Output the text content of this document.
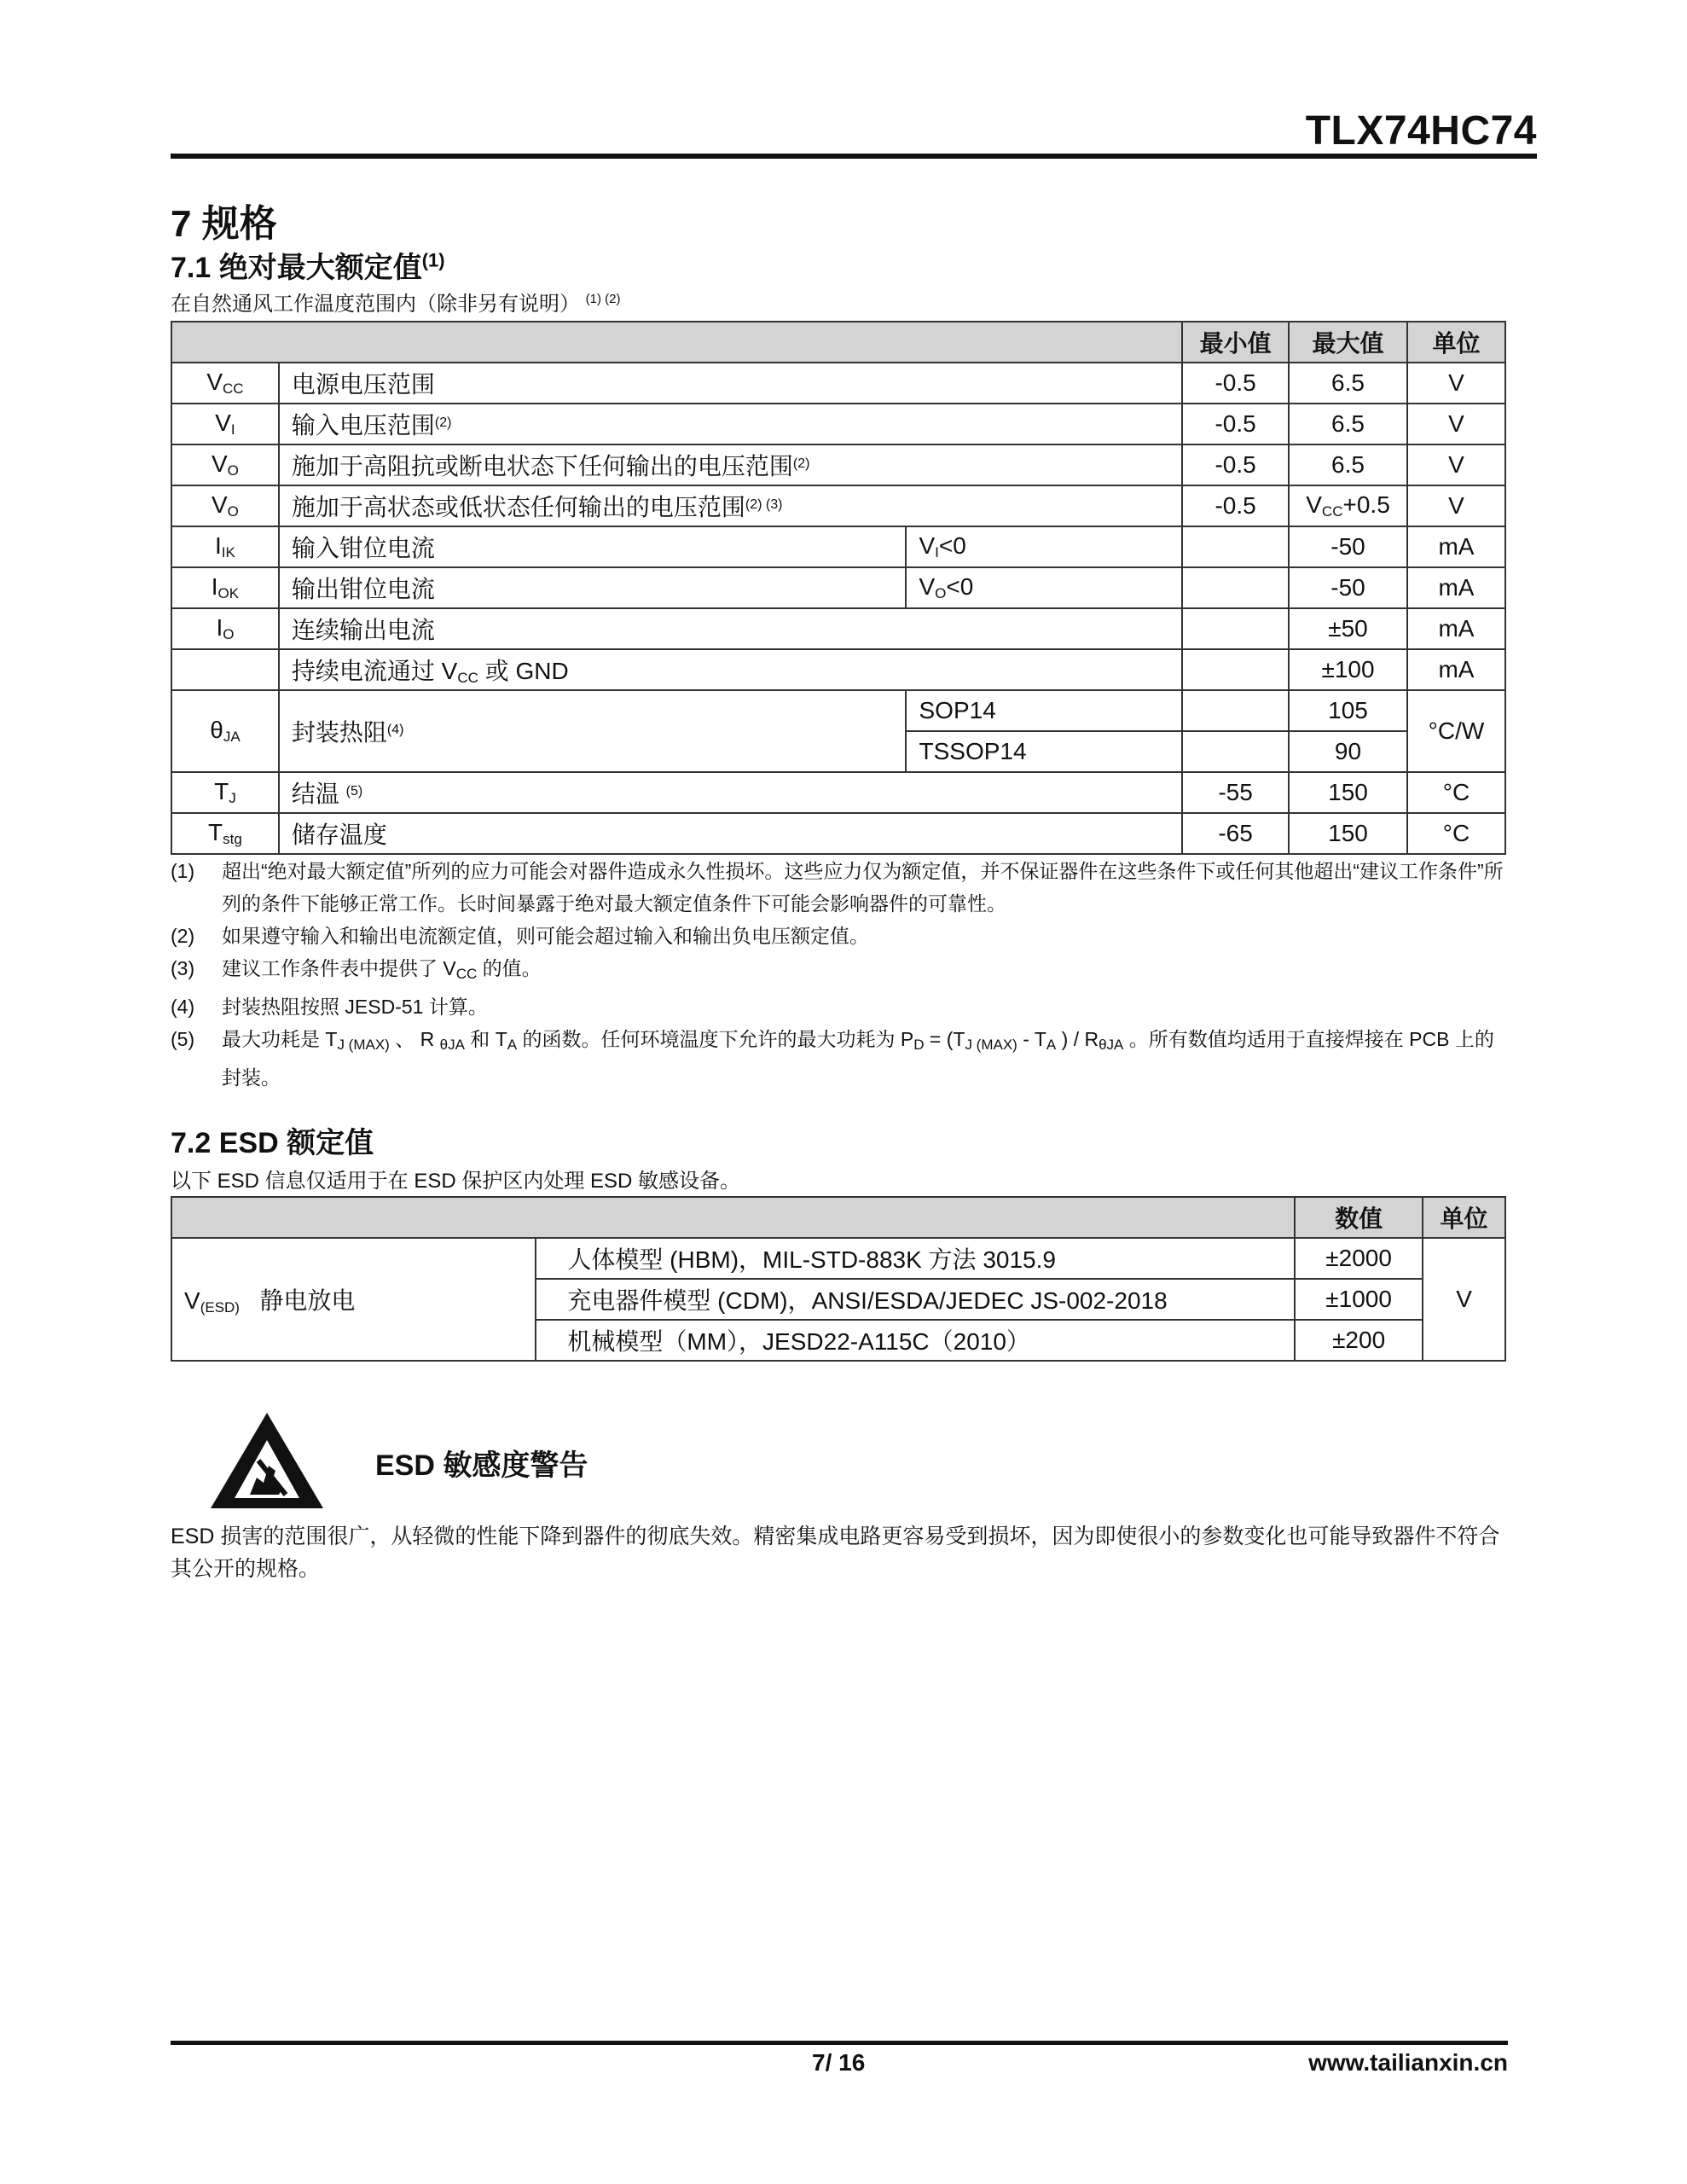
TLX74HC74
7 规格
7.1 绝对最大额定值$^{(1)}$
在自然通风工作温度范围内（除非另有说明） $^{(1) (2)}$
			最小值	最大值	单位
$V_{CC}$	电源电压范围		-0.5	6.5	V
$V_I$	输入电压范围$^{(2)}$		-0.5	6.5	V
$V_O$	施加于高阻抗或断电状态下任何输出的电压范围$^{(2)}$		-0.5	6.5	V
$V_O$	施加于高状态或低状态任何输出的电压范围$^{(2) (3)}$		-0.5	$V_{CC}+0.5$	V
$I_{IK}$	输入钳位电流	$V_I<0$		-50	mA
$I_{OK}$	输出钳位电流	$V_O<0$		-50	mA
$I_O$	连续输出电流			±50	mA
	持续电流通过 $V_{CC}$ 或 GND			±100	mA
$\theta_{JA}$	封装热阻$^{(4)}$	SOP14		105	°C/W
		TSSOP14		90	
$T_J$	结温 $^{(5)}$		-55	150	°C
$T_{stg}$	储存温度		-65	150	°C
(1)	超出“绝对最大额定值”所列的应力可能会对器件造成永久性损坏。这些应力仅为额定值，并不保证器件在这些条件下或任何其他超出“建议工作条件”所列的条件下能够正常工作。长时间暴露于绝对最大额定值条件下可能会影响器件的可靠性。
(2)	如果遵守输入和输出电流额定值，则可能会超过输入和输出负电压额定值。
(3)	建议工作条件表中提供了 $V_{CC}$ 的值。
(4)	封装热阻按照 JESD-51 计算。
(5)	最大功耗是 $T_{J (MAX)}$ 、 R $_{\theta JA}$ 和 $T_A$ 的函数。任何环境温度下允许的最大功耗为 $P_D = (T_{J (MAX)} - T_A$ ) / $R_{\theta JA}$ 。所有数值均适用于直接焊接在 PCB 上的封装。
7.2 ESD 额定值
以下 ESD 信息仅适用于在 ESD 保护区内处理 ESD 敏感设备。
		数值	单位
$V_{(ESD)}$ 静电放电	人体模型 (HBM)，MIL-STD-883K 方法 3015.9	±2000	V
	充电器件模型 (CDM)，ANSI/ESDA/JEDEC JS-002-2018	±1000	
	机械模型（MM），JESD22-A115C（2010）	±200	
ESD 敏感度警告
ESD 损害的范围很广，从轻微的性能下降到器件的彻底失效。精密集成电路更容易受到损坏，因为即使很小的参数变化也可能导致器件不符合其公开的规格。
7/ 16	www.tailianxin.cn
